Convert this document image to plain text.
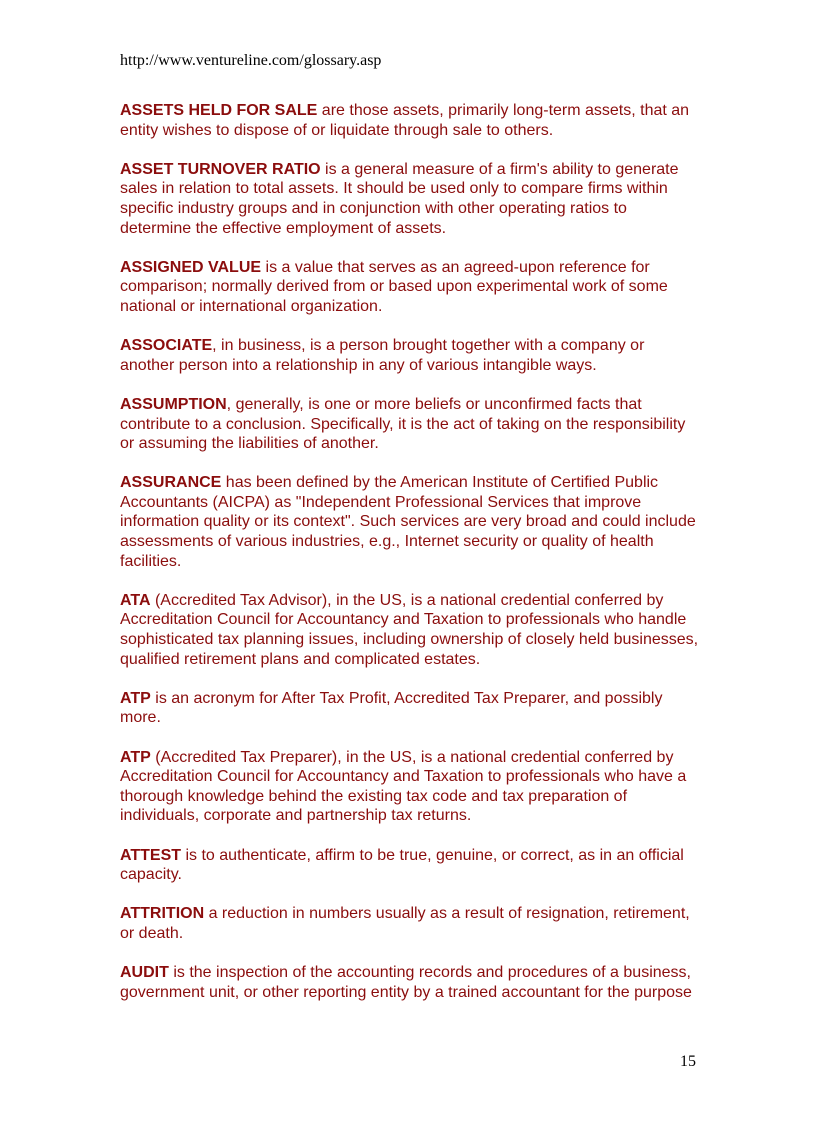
http://www.ventureline.com/glossary.asp

ASSETS HELD FOR SALE are those assets, primarily long-term assets, that an entity wishes to dispose of or liquidate through sale to others.

ASSET TURNOVER RATIO is a general measure of a firm's ability to generate sales in relation to total assets. It should be used only to compare firms within specific industry groups and in conjunction with other operating ratios to determine the effective employment of assets.

ASSIGNED VALUE is a value that serves as an agreed-upon reference for comparison; normally derived from or based upon experimental work of some national or international organization.

ASSOCIATE, in business, is a person brought together with a company or another person into a relationship in any of various intangible ways.

ASSUMPTION, generally, is one or more beliefs or unconfirmed facts that contribute to a conclusion. Specifically, it is the act of taking on the responsibility or assuming the liabilities of another.

ASSURANCE has been defined by the American Institute of Certified Public Accountants (AICPA) as "Independent Professional Services that improve information quality or its context". Such services are very broad and could include assessments of various industries, e.g., Internet security or quality of health facilities.

ATA (Accredited Tax Advisor), in the US, is a national credential conferred by Accreditation Council for Accountancy and Taxation to professionals who handle sophisticated tax planning issues, including ownership of closely held businesses, qualified retirement plans and complicated estates.

ATP is an acronym for After Tax Profit, Accredited Tax Preparer, and possibly more.

ATP (Accredited Tax Preparer), in the US, is a national credential conferred by Accreditation Council for Accountancy and Taxation to professionals who have a thorough knowledge behind the existing tax code and tax preparation of individuals, corporate and partnership tax returns.

ATTEST is to authenticate, affirm to be true, genuine, or correct, as in an official capacity.

ATTRITION a reduction in numbers usually as a result of resignation, retirement, or death.

AUDIT is the inspection of the accounting records and procedures of a business, government unit, or other reporting entity by a trained accountant for the purpose

15
